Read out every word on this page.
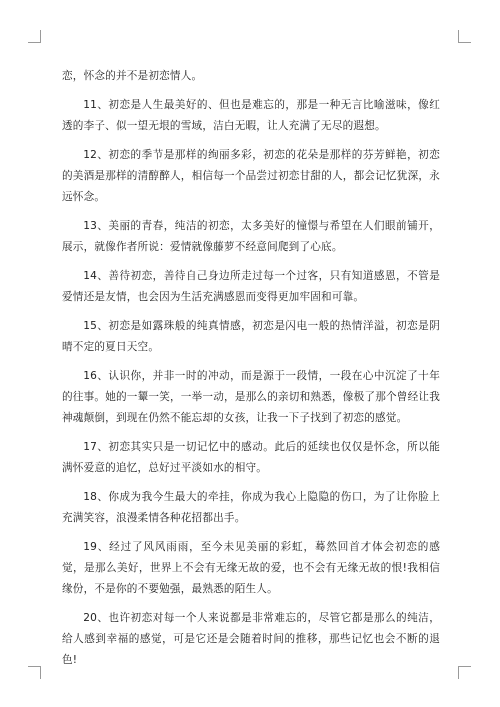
恋，怀念的并不是初恋情人。

11、初恋是人生最美好的、但也是难忘的，那是一种无言比喻滋味，像红透的李子、似一望无垠的雪域，洁白无暇，让人充满了无尽的遐想。

12、初恋的季节是那样的绚丽多彩，初恋的花朵是那样的芬芳鲜艳，初恋的美酒是那样的清醇醉人，相信每一个品尝过初恋甘甜的人，都会记忆犹深，永远怀念。

13、美丽的青春，纯洁的初恋，太多美好的憧憬与希望在人们眼前铺开，展示，就像作者所说：爱情就像藤萝不经意间爬到了心底。

14、善待初恋，善待自己身边所走过每一个过客，只有知道感恩，不管是爱情还是友情，也会因为生活充满感恩而变得更加牢固和可靠。

15、初恋是如露珠般的纯真情感，初恋是闪电一般的热情洋溢，初恋是阴晴不定的夏日天空。

16、认识你，并非一时的冲动，而是源于一段情，一段在心中沉淀了十年的往事。她的一颦一笑，一举一动，是那么的亲切和熟悉，像极了那个曾经让我神魂颠倒，到现在仍然不能忘却的女孩，让我一下子找到了初恋的感觉。

17、初恋其实只是一切记忆中的感动。此后的延续也仅仅是怀念，所以能满怀爱意的追忆，总好过平淡如水的相守。

18、你成为我今生最大的牵挂，你成为我心上隐隐的伤口，为了让你脸上充满笑容，浪漫柔情各种花招都出手。

19、经过了风风雨雨，至今未见美丽的彩虹，蓦然回首才体会初恋的感觉，是那么美好，世界上不会有无缘无故的爱，也不会有无缘无故的恨!我相信缘份，不是你的不要勉强，最熟悉的陌生人。

20、也许初恋对每一个人来说都是非常难忘的，尽管它都是那么的纯洁，给人感到幸福的感觉，可是它还是会随着时间的推移，那些记忆也会不断的退色!
